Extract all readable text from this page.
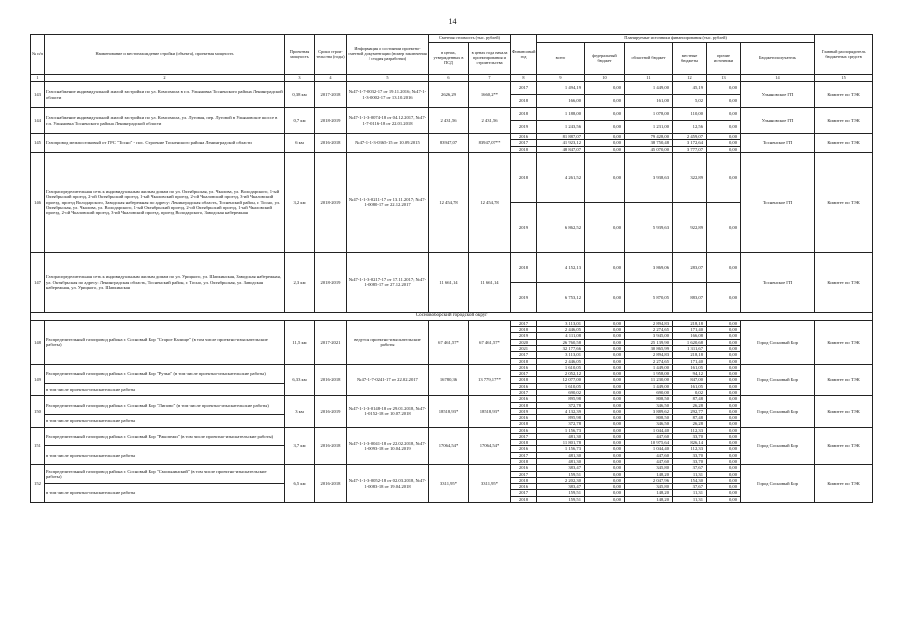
14
№ п/п	Наименование и местонахождение стройки (объекта), проектная мощность	Проектная мощность	Сроки строи-тельства (годы)	Информация о состоянии проектно-сметной документации (номер заключения / стадия разработки)	Сметная стоимость (тыс. рублей)		Финансовый год	Планируемые источники финансирования (тыс. рублей)						Главный распорядитель бюджетных средств
					в ценах, утвержденных в ПСД	в ценах года начала проектирования и строительства		всего	федеральный бюджет	областной бюджет	местные бюджеты	прочие источники	Бюджетополучатель	
1	2	3	4	5	6	7	8	9	10	11	12	13	14	15
143	Газоснабжение индивидуальной жилой застройки по ул. Комсомола в г.п. Ульяновка Тосненского района Ленинградской области	0,38 км	2017-2018	№47-1-7-0032-17 от 19.11.2016; №47-1-1-3-0002-17 от 13.10.2016	2626,29	1660,2**	2017	1 494,19	0,00	1 449,00	45,19	0,00	Ульяновское ГП	Комитет по ТЭК
							2018	166,00	0,00	161,00	5,02	0,00		
144	Газоснабжение индивидуальной жилой застройки по ул. Комсомола, ул. Луговая, пер. Луговой в Ульяновское шоссе в г.п. Ульяновка Тосненского района Ленинградской области	0,7 км	2018-2019	№47-1-1-3-0074-18 от 04.12.2017, №47-1-7-0116-18 от 22.01.2018	2 431,56	2 431,56	2018	1 188,00	0,00	1 078,00	110,00	0,00	Ульяновское ГП	Комитет по ТЭК
							2019	1 243,56	0,00	1 231,00	12,56	0,00		
145	Газопровод межпоселковый от ГРС "Тосно" - пос. Строение Тосненского района Ленинградской области	6 км	2016-2018	№47-1-1-3-0365-15 от 10.09.2015	83947,07	83947,07**	2016	81 887,07	0,00	79 428,00	2 459,07	0,00	Тосненское ГП	Комитет по ТЭК
							2017	41 923,12	0,00	38 750,48	3 172,64	0,00		
							2018	48 847,07	0,00	45 070,00	3 777,07	0,00		
146	Газораспределительная сеть к индивидуальным жилым домам по ул. Октябрьская, ул. Чкалова, ул. Володарского, 1-ый Октябрьский проезд, 2-ой Октябрьский проезд, 1-ый Чкаловский проезд, 2-ой Чкаловский проезд, 3-ий Чкаловский проезд, проезд Володарского, Заводская набережная по адресу: Ленинградская область, Тосненский район, г. Тосно, ул. Октябрьская, ул. Чкалова, ул. Володарского, 1-ый Октябрьский проезд, 2-ой Октябрьский проезд, 1-ый Чкаловский проезд, 2-ой Чкаловский проезд, 3-ий Чкаловский проезд, проезд Володарского, Заводская набережная	3,2 км	2018-2019	№47-1-1-3-0211-17 от 13.11.2017; №47-1-0080-17 от 22.12.2017	12 454,78	12 454,78	2018	4 261,52	0,00	3 938,63	322,89	0,00	Тосненское ГП	Комитет по ТЭК
							2019	6 862,52	0,00	5 939,63	922,89	0,00		
147	Газораспределительная сеть к индивидуальным жилым домам по ул. Урицкого, ул. Шапкинская, Заводская набережная, ул. Октябрьская по адресу: Ленинградская область, Тосненский район, г. Тосно, ул. Октябрьская, ул. Заводская набережная, ул. Урицкого, ул. Шапкинская	2,3 км	2018-2019	№47-1-1-3-0217-17 от 17.11.2017; №47-1-0085-17 от 27.12.2017	11 661,14	11 661,14	2018	4 152,13	0,00	3 869,06	283,07	0,00	Тосненское ГП	Комитет по ТЭК
							2019	6 753,12	0,00	5 870,05	883,07	0,00		
Сосновоборский городской округ														
148	Распределительный газопровод района г. Сосновый Бор "Старое Калище" (в том числе проектно-изыскательские работы)	11,5 км	2017-2021	ведутся проектно-изыскательские работы	67 461,57*	67 461,57*	2017	3 113,01	0,00	2 894,83	218,18	0,00	Город Сосновый Бор	Комитет по ТЭК
							2018	2 446,05	0,00	2 274,65	171,40	0,00		
							2019	4 111,08	0,00	3 945,00	166,08	0,00		
							2020	26 760,58	0,00	25 139,90	1 620,68	0,00		
							2021	32 177,66	0,00	30 865,99	1 311,67	0,00		
							2017	3 113,01	0,00	2 894,83	218,18	0,00		
							2018	2 446,05	0,00	2 274,65	171,40	0,00		
149	Распределительный газопровод района г. Сосновый Бор "Ручьи" (в том числе проектно-изыскательские работы)	6,33 км	2016-2018	№47-1-7-0241-17 от 22.02.2017	16780,36	13 779,17**	2016	1 610,05	0,00	1 449,00	161,05	0,00	Город Сосновый Бор	Комитет по ТЭК
							2017	2 052,12	0,00	1 958,00	94,12	0,00		
							2018	12 077,00	0,00	11 230,00	847,00	0,00		
	в том числе проектно-изыскательские работы						2016	1 610,05	0,00	1 449,00	161,05	0,00		
							2017	690,02	0,00	690,00	0,02	0,00		
150	Распределительный газопровод района г. Сосновый Бор "Липово" (в том числе проектно-изыскательские работы)	3 км	2016-2019	№47-1-1-3-0148-18 от 29.01.2018, №47-1-0152-18 от 10.07.2018	18518,93*	18518,93*	2016	895,98	0,00	808,50	87,48	0,00	Город Сосновый Бор	Комитет по ТЭК
							2018	372,78	0,00	346,50	26,28	0,00		
							2019	4 132,39	0,00	3 889,62	292,77	0,00		
	в том числе проектно-изыскательские работы						2016	895,98	0,00	808,50	87,48	0,00		
							2018	372,78	0,00	346,50	26,28	0,00		
151	Распределительный газопровод района г. Сосновый Бор "Ракопежи" (в том числе проектно-изыскательские работы)	3,7 км	2016-2018	№47-1-1-3-0041-18 от 22.02.2018, №47-1-0093-18 от 10.04.2019	17064,54*	17064,54*	2016	1 156,73	0,00	1 044,40	112,33	0,00	Город Сосновый Бор	Комитет по ТЭК
							2017	481,30	0,00	447,60	33,70	0,00		
							2018	11 801,78	0,00	10 975,64	826,14	0,00		
	в том числе проектно-изыскательские работы						2016	1 156,73	0,00	1 044,40	112,33	0,00		
							2017	481,30	0,00	447,60	33,70	0,00		
							2018	481,30	0,00	447,60	33,70	0,00		
152	Распределительный газопровод района г. Сосновый Бор "Смольнинский" (в том числе проектно-изыскательские работы)	6,5 км	2016-2018	№47-1-1-3-0052-18 от 02.03.2018, №47-1-0083-18 от 19.04.2018	3311,95*	3311,95*	2016	383,47	0,00	345,80	37,67	0,00	Город Сосновый Бор	Комитет по ТЭК
							2017	159,51	0,00	148,20	11,31	0,00		
							2018	2 202,30	0,00	2 047,96	154,30	0,00		
	в том числе проектно-изыскательские работы						2016	383,47	0,00	345,80	37,67	0,00		
							2017	159,51	0,00	148,20	11,31	0,00		
							2018	159,51	0,00	148,20	11,31	0,00		
